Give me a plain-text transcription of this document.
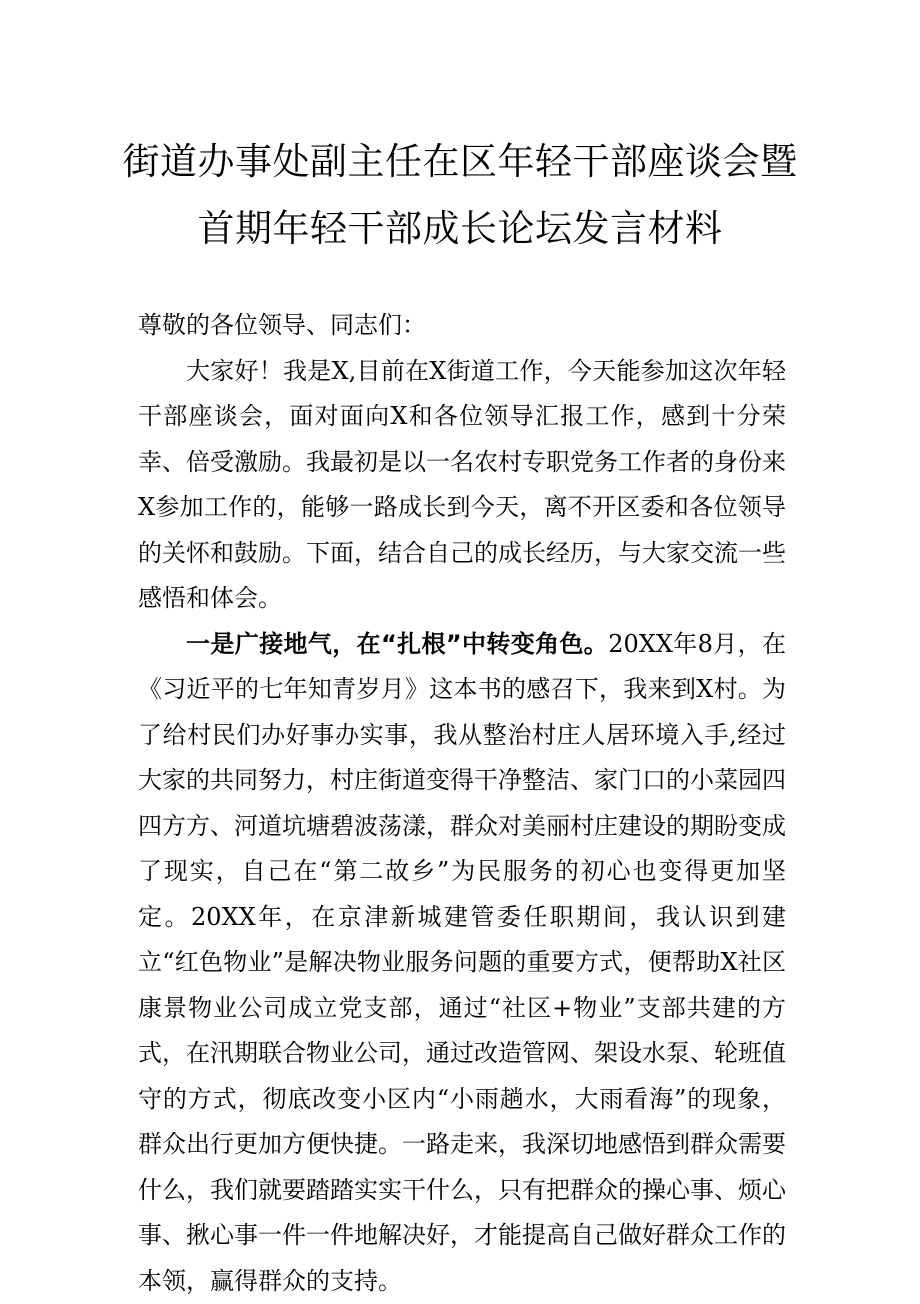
街道办事处副主任在区年轻干部座谈会暨
首期年轻干部成长论坛发言材料

尊敬的各位领导、同志们：

大家好！我是X,目前在X街道工作，今天能参加这次年轻干部座谈会，面对面向X和各位领导汇报工作，感到十分荣幸、倍受激励。我最初是以一名农村专职党务工作者的身份来X参加工作的，能够一路成长到今天，离不开区委和各位领导的关怀和鼓励。下面，结合自己的成长经历，与大家交流一些感悟和体会。

一是广接地气，在“扎根”中转变角色。20XX年8月，在《习近平的七年知青岁月》这本书的感召下，我来到X村。为了给村民们办好事办实事，我从整治村庄人居环境入手,经过大家的共同努力，村庄街道变得干净整洁、家门口的小菜园四四方方、河道坑塘碧波荡漾，群众对美丽村庄建设的期盼变成了现实，自己在“第二故乡”为民服务的初心也变得更加坚定。20XX年，在京津新城建管委任职期间，我认识到建立“红色物业”是解决物业服务问题的重要方式，便帮助X社区康景物业公司成立党支部，通过“社区+物业”支部共建的方式，在汛期联合物业公司，通过改造管网、架设水泵、轮班值守的方式，彻底改变小区内“小雨趟水，大雨看海”的现象，群众出行更加方便快捷。一路走来，我深切地感悟到群众需要什么，我们就要踏踏实实干什么，只有把群众的操心事、烦心事、揪心事一件一件地解决好，才能提高自己做好群众工作的本领，赢得群众的支持。
